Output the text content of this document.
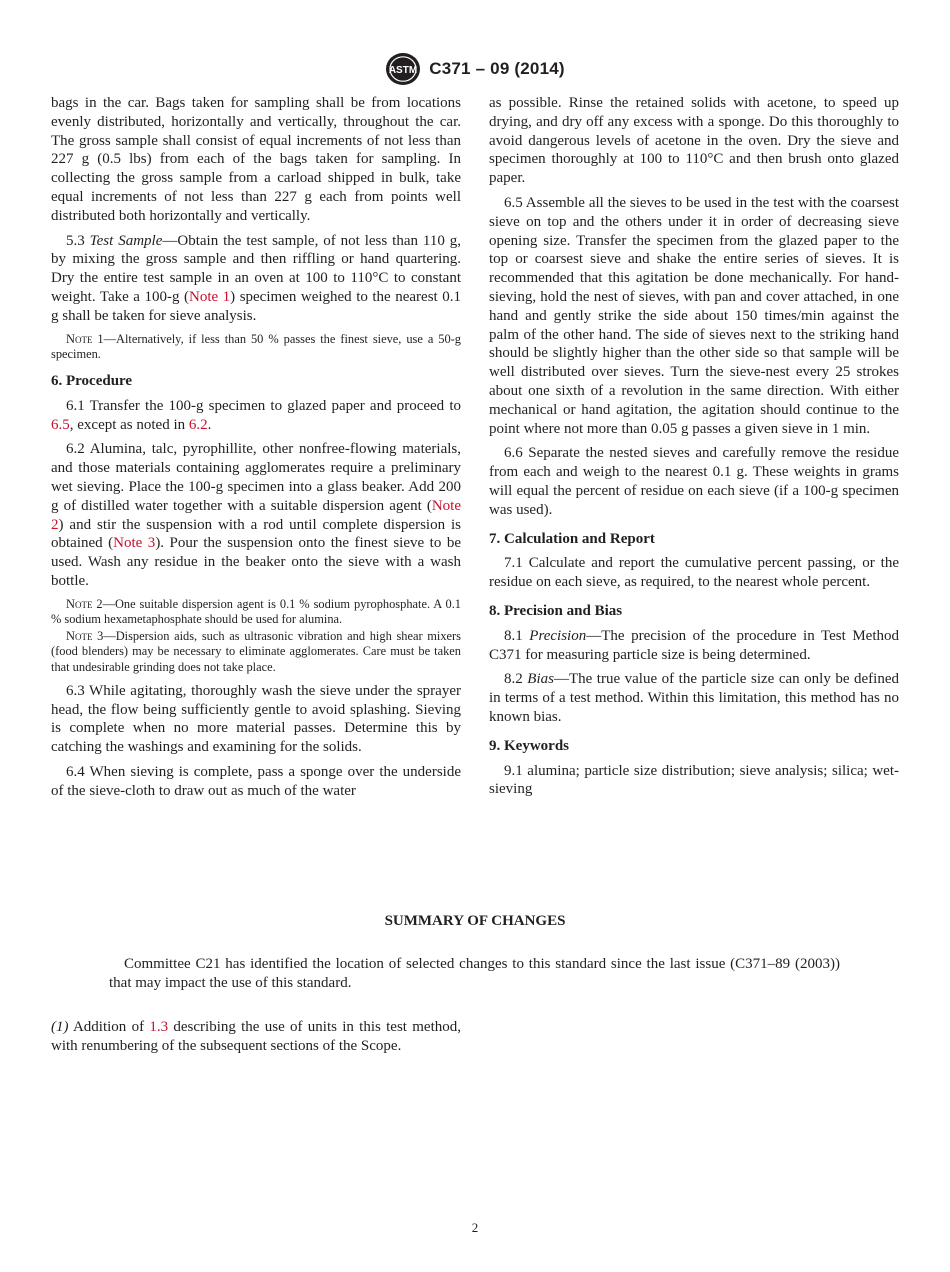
ASTM C371 – 09 (2014)

bags in the car. Bags taken for sampling shall be from locations evenly distributed, horizontally and vertically, throughout the car. The gross sample shall consist of equal increments of not less than 227 g (0.5 lbs) from each of the bags taken for sampling. In collecting the gross sample from a carload shipped in bulk, take equal increments of not less than 227 g each from points well distributed both horizontally and vertically.

5.3 Test Sample—Obtain the test sample, of not less than 110 g, by mixing the gross sample and then riffling or hand quartering. Dry the entire test sample in an oven at 100 to 110°C to constant weight. Take a 100-g (Note 1) specimen weighed to the nearest 0.1 g shall be taken for sieve analysis.

Note 1—Alternatively, if less than 50 % passes the finest sieve, use a 50-g specimen.

6. Procedure

6.1 Transfer the 100-g specimen to glazed paper and proceed to 6.5, except as noted in 6.2.

6.2 Alumina, talc, pyrophillite, other nonfree-flowing materials, and those materials containing agglomerates require a preliminary wet sieving. Place the 100-g specimen into a glass beaker. Add 200 g of distilled water together with a suitable dispersion agent (Note 2) and stir the suspension with a rod until complete dispersion is obtained (Note 3). Pour the suspension onto the finest sieve to be used. Wash any residue in the beaker onto the sieve with a wash bottle.

Note 2—One suitable dispersion agent is 0.1 % sodium pyrophosphate. A 0.1 % sodium hexametaphosphate should be used for alumina.

Note 3—Dispersion aids, such as ultrasonic vibration and high shear mixers (food blenders) may be necessary to eliminate agglomerates. Care must be taken that undesirable grinding does not take place.

6.3 While agitating, thoroughly wash the sieve under the sprayer head, the flow being sufficiently gentle to avoid splashing. Sieving is complete when no more material passes. Determine this by catching the washings and examining for the solids.

6.4 When sieving is complete, pass a sponge over the underside of the sieve-cloth to draw out as much of the water

as possible. Rinse the retained solids with acetone, to speed up drying, and dry off any excess with a sponge. Do this thoroughly to avoid dangerous levels of acetone in the oven. Dry the sieve and specimen thoroughly at 100 to 110°C and then brush onto glazed paper.

6.5 Assemble all the sieves to be used in the test with the coarsest sieve on top and the others under it in order of decreasing sieve opening size. Transfer the specimen from the glazed paper to the top or coarsest sieve and shake the entire series of sieves. It is recommended that this agitation be done mechanically. For hand-sieving, hold the nest of sieves, with pan and cover attached, in one hand and gently strike the side about 150 times/min against the palm of the other hand. The side of sieves next to the striking hand should be slightly higher than the other side so that sample will be well distributed over sieves. Turn the sieve-nest every 25 strokes about one sixth of a revolution in the same direction. With either mechanical or hand agitation, the agitation should continue to the point where not more than 0.05 g passes a given sieve in 1 min.

6.6 Separate the nested sieves and carefully remove the residue from each and weigh to the nearest 0.1 g. These weights in grams will equal the percent of residue on each sieve (if a 100-g specimen was used).

7. Calculation and Report

7.1 Calculate and report the cumulative percent passing, or the residue on each sieve, as required, to the nearest whole percent.

8. Precision and Bias

8.1 Precision—The precision of the procedure in Test Method C371 for measuring particle size is being determined.

8.2 Bias—The true value of the particle size can only be defined in terms of a test method. Within this limitation, this method has no known bias.

9. Keywords

9.1 alumina; particle size distribution; sieve analysis; silica; wet-sieving

SUMMARY OF CHANGES

Committee C21 has identified the location of selected changes to this standard since the last issue (C371–89 (2003)) that may impact the use of this standard.

(1) Addition of 1.3 describing the use of units in this test method, with renumbering of the subsequent sections of the Scope.

2
